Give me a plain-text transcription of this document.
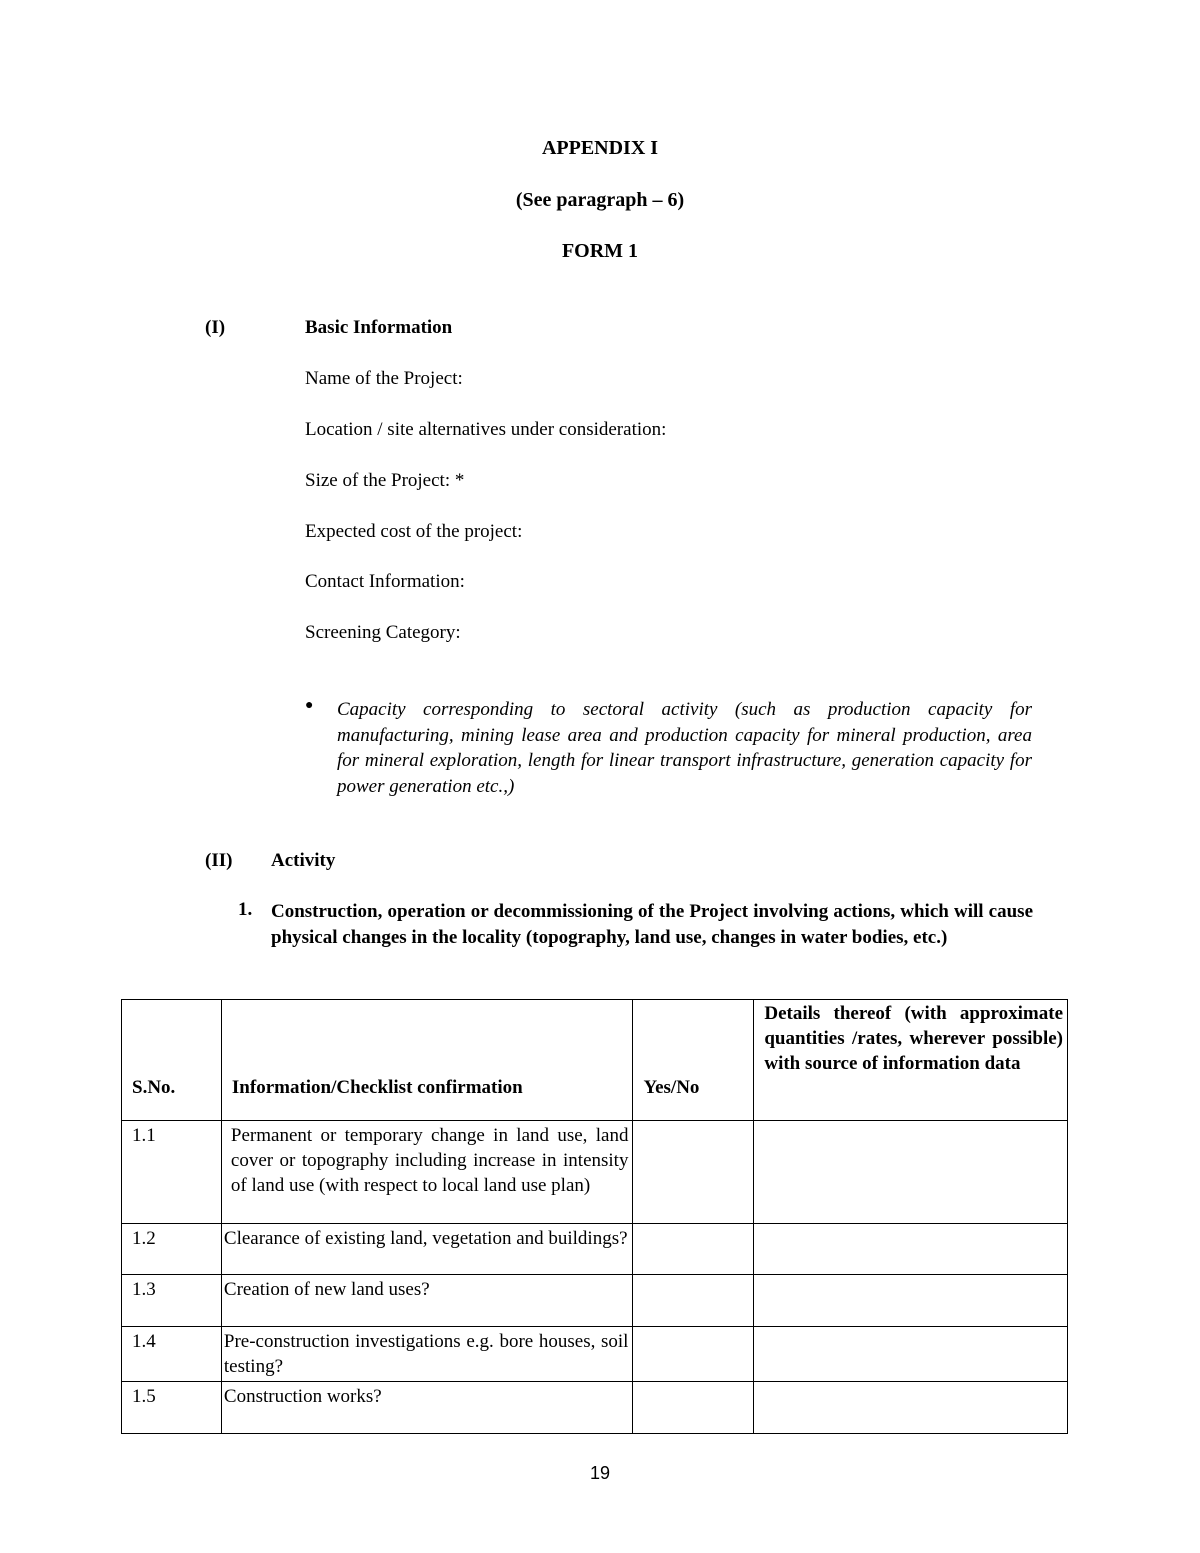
APPENDIX I
(See paragraph – 6)
FORM 1
(I)	Basic Information
Name of the Project:
Location / site alternatives under consideration:
Size of the Project: *
Expected cost of the project:
Contact Information:
Screening Category:
● Capacity corresponding to sectoral activity (such as production capacity for manufacturing, mining lease area and production capacity for mineral production, area for mineral exploration, length for linear transport infrastructure, generation capacity for power generation etc.,)
(II) Activity
1. Construction, operation or decommissioning of the Project involving actions, which will cause physical changes in the locality (topography, land use, changes in water bodies, etc.)
S.No.	Information/Checklist confirmation	Yes/No	Details thereof (with approximate quantities /rates, wherever possible) with source of information data
1.1	Permanent or temporary change in land use, land cover or topography including increase in intensity of land use (with respect to local land use plan)		
1.2	Clearance of existing land, vegetation and buildings?		
1.3	Creation of new land uses?		
1.4	Pre-construction investigations e.g. bore houses, soil testing?		
1.5	Construction works?		
19
